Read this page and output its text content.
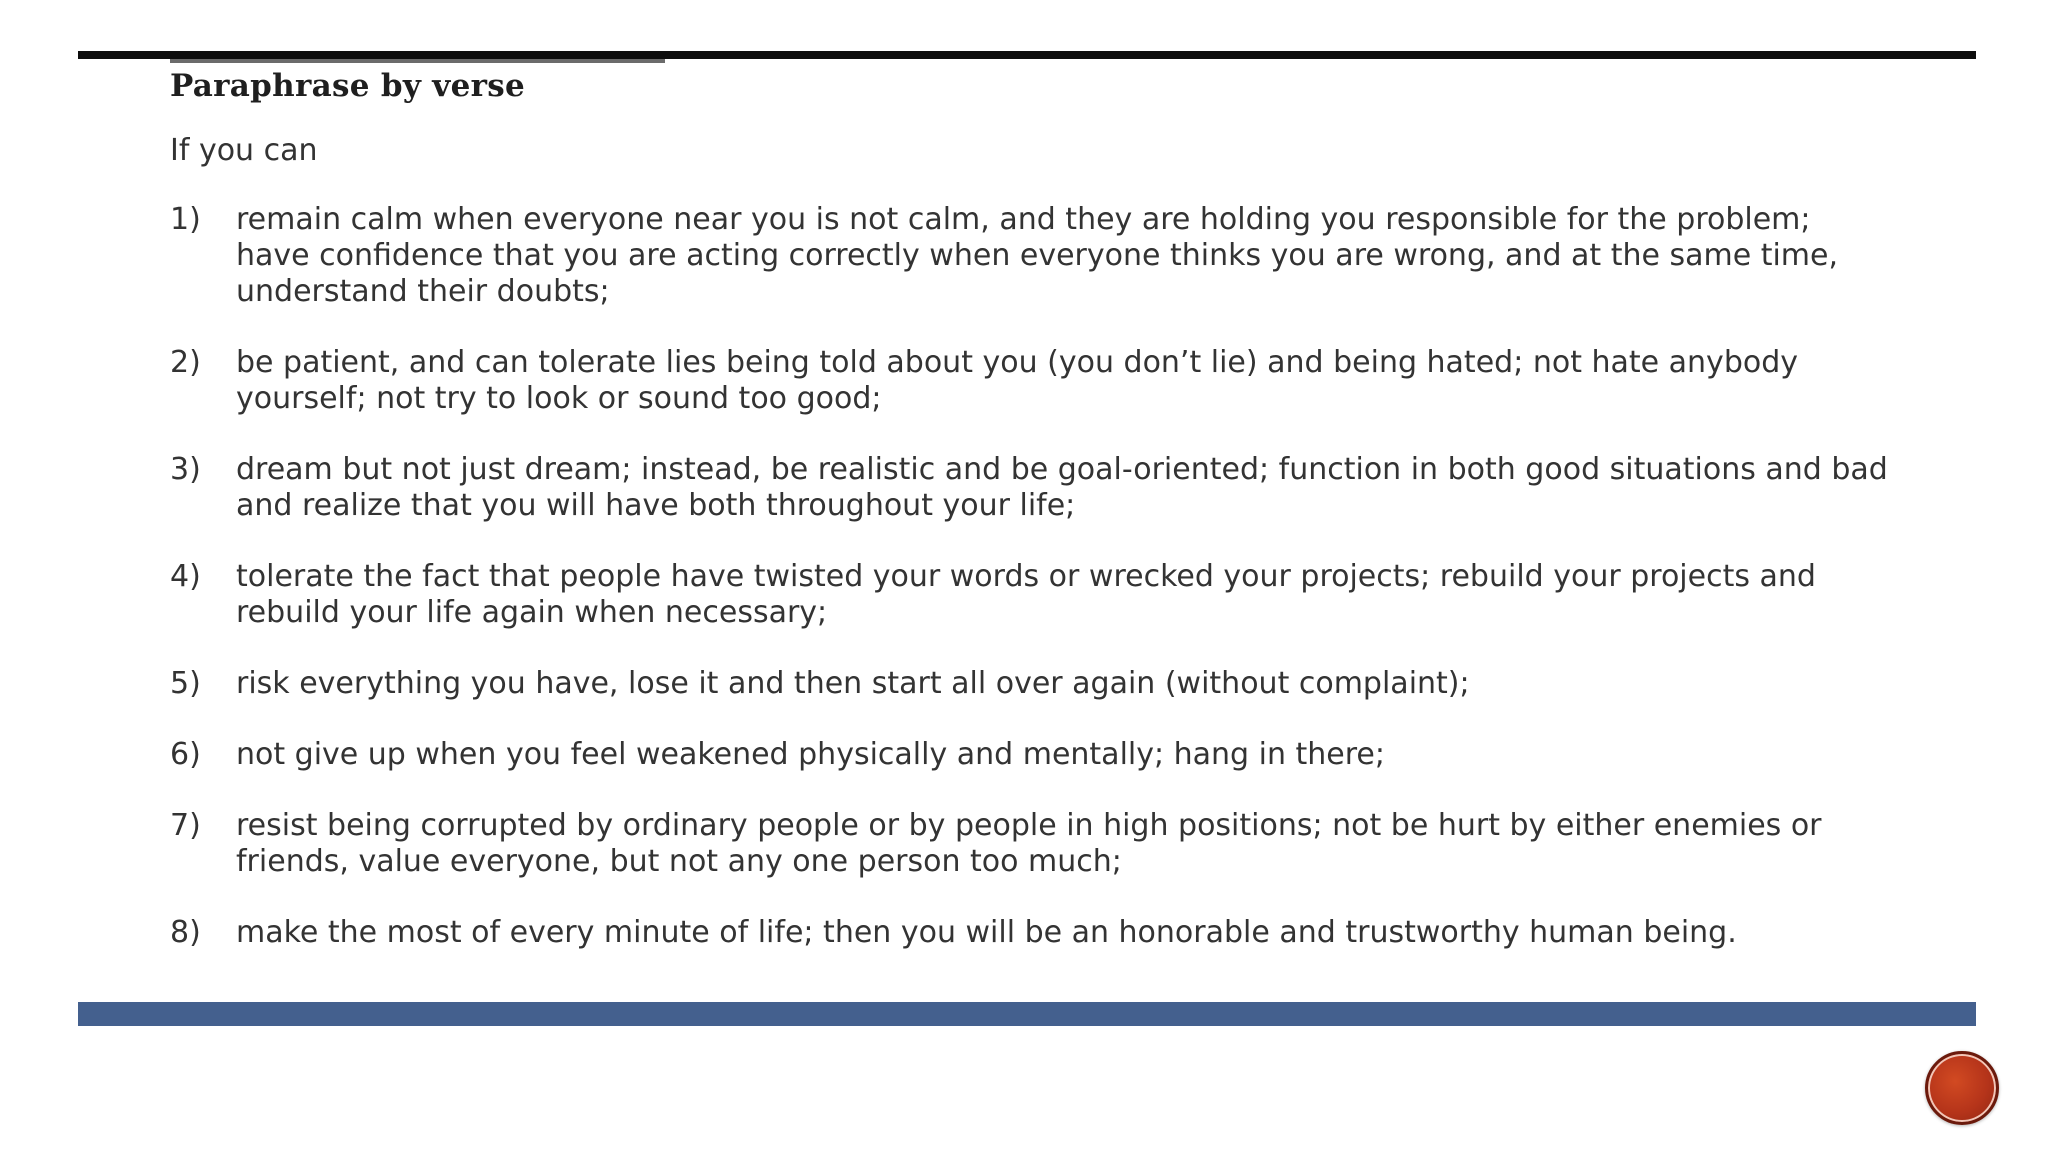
Paraphrase by verse

If you can

1) remain calm when everyone near you is not calm, and they are holding you responsible for the problem; have confidence that you are acting correctly when everyone thinks you are wrong, and at the same time, understand their doubts;
2) be patient, and can tolerate lies being told about you (you don’t lie) and being hated; not hate anybody yourself; not try to look or sound too good;
3) dream but not just dream; instead, be realistic and be goal-oriented; function in both good situations and bad and realize that you will have both throughout your life;
4) tolerate the fact that people have twisted your words or wrecked your projects; rebuild your projects and rebuild your life again when necessary;
5) risk everything you have, lose it and then start all over again (without complaint);
6) not give up when you feel weakened physically and mentally; hang in there;
7) resist being corrupted by ordinary people or by people in high positions; not be hurt by either enemies or friends, value everyone, but not any one person too much;
8) make the most of every minute of life; then you will be an honorable and trustworthy human being.
